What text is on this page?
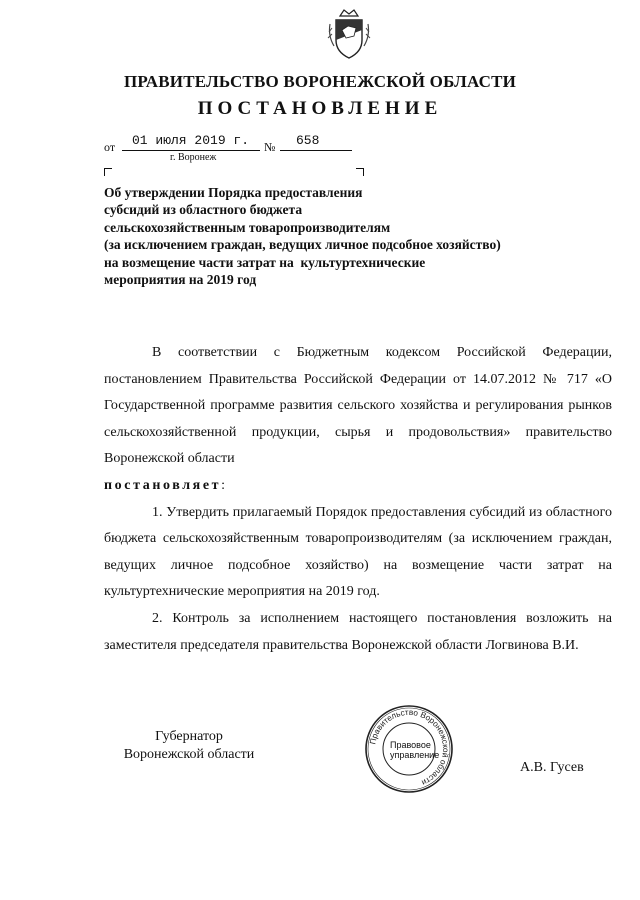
ПРАВИТЕЛЬСТВО ВОРОНЕЖСКОЙ ОБЛАСТИ
ПОСТАНОВЛЕНИЕ
от 01 июля 2019 г. № 658
г. Воронеж
Об утверждении Порядка предоставления
субсидий из областного бюджета
сельскохозяйственным товаропроизводителям
(за исключением граждан, ведущих личное подсобное хозяйство)
на возмещение части затрат на  культуртехнические
мероприятия на 2019 год

В соответствии с Бюджетным кодексом Российской Федерации, постановлением Правительства Российской Федерации от 14.07.2012 № 717 «О Государственной программе развития сельского хозяйства и регулирования рынков сельскохозяйственной продукции, сырья и продовольствия» правительство Воронежской области

постановляет:

1. Утвердить прилагаемый Порядок предоставления субсидий из областного бюджета сельскохозяйственным товаропроизводителям (за исключением граждан, ведущих личное подсобное хозяйство) на возмещение части затрат на культуртехнические мероприятия на 2019 год.

2. Контроль за исполнением настоящего постановления возложить на заместителя председателя правительства Воронежской области Логвинова В.И.

Губернатор
Воронежской области
Правительство Воронежской области
Правовое
управление
А.В. Гусев
